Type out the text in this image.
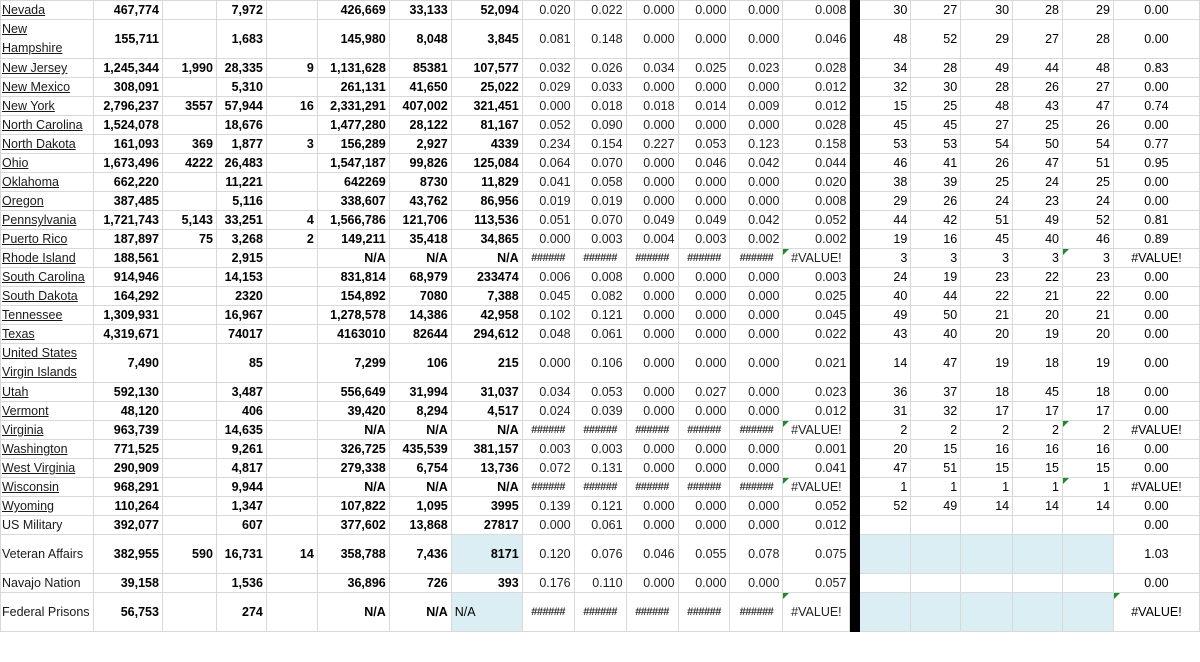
Nevada	467,774		7,972		426,669	33,133	52,094	0.020	0.022	0.000	0.000	0.000	0.008		30	27	30	28	29	0.00
New Hampshire	155,711		1,683		145,980	8,048	3,845	0.081	0.148	0.000	0.000	0.000	0.046		48	52	29	27	28	0.00
New Jersey	1,245,344	1,990	28,335	9	1,131,628	85381	107,577	0.032	0.026	0.034	0.025	0.023	0.028		34	28	49	44	48	0.83
New Mexico	308,091		5,310		261,131	41,650	25,022	0.029	0.033	0.000	0.000	0.000	0.012		32	30	28	26	27	0.00
New York	2,796,237	3557	57,944	16	2,331,291	407,002	321,451	0.000	0.018	0.018	0.014	0.009	0.012		15	25	48	43	47	0.74
North Carolina	1,524,078		18,676		1,477,280	28,122	81,167	0.052	0.090	0.000	0.000	0.000	0.028		45	45	27	25	26	0.00
North Dakota	161,093	369	1,877	3	156,289	2,927	4339	0.234	0.154	0.227	0.053	0.123	0.158		53	53	54	50	54	0.77
Ohio	1,673,496	4222	26,483		1,547,187	99,826	125,084	0.064	0.070	0.000	0.046	0.042	0.044		46	41	26	47	51	0.95
Oklahoma	662,220		11,221		642269	8730	11,829	0.041	0.058	0.000	0.000	0.000	0.020		38	39	25	24	25	0.00
Oregon	387,485		5,116		338,607	43,762	86,956	0.019	0.019	0.000	0.000	0.000	0.008		29	26	24	23	24	0.00
Pennsylvania	1,721,743	5,143	33,251	4	1,566,786	121,706	113,536	0.051	0.070	0.049	0.049	0.042	0.052		44	42	51	49	52	0.81
Puerto Rico	187,897	75	3,268	2	149,211	35,418	34,865	0.000	0.003	0.004	0.003	0.002	0.002		19	16	45	40	46	0.89
Rhode Island	188,561		2,915		N/A	N/A	N/A	######	######	######	######	######	#VALUE!		3	3	3	3	3	#VALUE!
South Carolina	914,946		14,153		831,814	68,979	233474	0.006	0.008	0.000	0.000	0.000	0.003		24	19	23	22	23	0.00
South Dakota	164,292		2320		154,892	7080	7,388	0.045	0.082	0.000	0.000	0.000	0.025		40	44	22	21	22	0.00
Tennessee	1,309,931		16,967		1,278,578	14,386	42,958	0.102	0.121	0.000	0.000	0.000	0.045		49	50	21	20	21	0.00
Texas	4,319,671		74017		4163010	82644	294,612	0.048	0.061	0.000	0.000	0.000	0.022		43	40	20	19	20	0.00
United States Virgin Islands	7,490		85		7,299	106	215	0.000	0.106	0.000	0.000	0.000	0.021		14	47	19	18	19	0.00
Utah	592,130		3,487		556,649	31,994	31,037	0.034	0.053	0.000	0.027	0.000	0.023		36	37	18	45	18	0.00
Vermont	48,120		406		39,420	8,294	4,517	0.024	0.039	0.000	0.000	0.000	0.012		31	32	17	17	17	0.00
Virginia	963,739		14,635		N/A	N/A	N/A	######	######	######	######	######	#VALUE!		2	2	2	2	2	#VALUE!
Washington	771,525		9,261		326,725	435,539	381,157	0.003	0.003	0.000	0.000	0.000	0.001		20	15	16	16	16	0.00
West Virginia	290,909		4,817		279,338	6,754	13,736	0.072	0.131	0.000	0.000	0.000	0.041		47	51	15	15	15	0.00
Wisconsin	968,291		9,944		N/A	N/A	N/A	######	######	######	######	######	#VALUE!		1	1	1	1	1	#VALUE!
Wyoming	110,264		1,347		107,822	1,095	3995	0.139	0.121	0.000	0.000	0.000	0.052		52	49	14	14	14	0.00
US Military	392,077		607		377,602	13,868	27817	0.000	0.061	0.000	0.000	0.000	0.012							0.00
Veteran Affairs	382,955	590	16,731	14	358,788	7,436	8171	0.120	0.076	0.046	0.055	0.078	0.075							1.03
Navajo Nation	39,158		1,536		36,896	726	393	0.176	0.110	0.000	0.000	0.000	0.057							0.00
Federal Prisons	56,753		274		N/A	N/A	N/A	######	######	######	######	######	#VALUE!							#VALUE!
